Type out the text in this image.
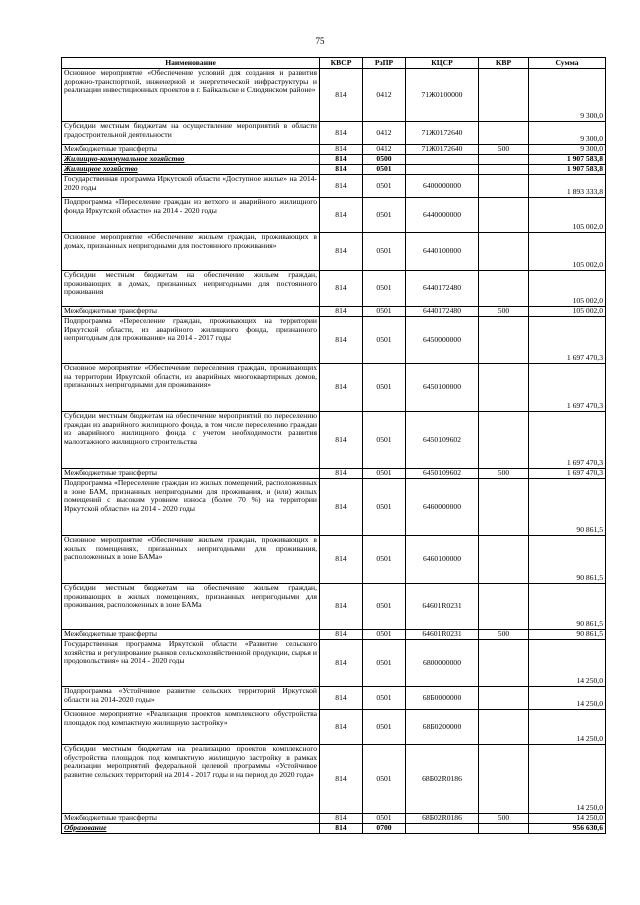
75
Наименование	КВСР	РзПР	КЦСР	КВР	Сумма
Основное мероприятие «Обеспечение условий для создания и развития дорожно-транспортной, инженерной и энергетической инфраструктуры и реализации инвестиционных проектов в г. Байкальске и Слюдянском районе»	814	0412	71Ж0100000		9 300,0
Субсидии местным бюджетам на осуществление мероприятий в области градостроительной деятельности	814	0412	71Ж0172640		9 300,0
Межбюджетные трансферты	814	0412	71Ж0172640	500	9 300,0
Жилищно-коммунальное хозяйство	814	0500			1 907 583,8
Жилищное хозяйство	814	0501			1 907 583,8
Государственная программа Иркутской области «Доступное жилье» на 2014-2020 годы	814	0501	6400000000		1 893 333,8
Подпрограмма «Переселение граждан из ветхого и аварийного жилищного фонда Иркутской области» на 2014 - 2020 годы	814	0501	6440000000		105 002,0
Основное мероприятие «Обеспечение жильем граждан, проживающих в домах, признанных непригодными для постоянного проживания»	814	0501	6440100000		105 002,0
Субсидии местным бюджетам на обеспечение жильем граждан, проживающих в домах, признанных непригодными для постоянного проживания	814	0501	6440172480		105 002,0
Межбюджетные трансферты	814	0501	6440172480	500	105 002,0
Подпрограмма «Переселение граждан, проживающих на территории Иркутской области, из аварийного жилищного фонда, признанного непригодным для проживания» на 2014 - 2017 годы	814	0501	6450000000		1 697 470,3
Основное мероприятие «Обеспечение переселения граждан, проживающих на территории Иркутской области, из аварийных многоквартирных домов, признанных непригодными для проживания»	814	0501	6450100000		1 697 470,3
Субсидии местным бюджетам на обеспечение мероприятий по переселению граждан из аварийного жилищного фонда, в том числе переселению граждан из аварийного жилищного фонда с учетом необходимости развития малоэтажного жилищного строительства	814	0501	6450109602		1 697 470,3
Межбюджетные трансферты	814	0501	6450109602	500	1 697 470,3
Подпрограмма «Переселение граждан из жилых помещений, расположенных в зоне БАМ, признанных непригодными для проживания, и (или) жилых помещений с высоким уровнем износа (более 70 %) на территории Иркутской области» на 2014 - 2020 годы	814	0501	6460000000		90 861,5
Основное мероприятие «Обеспечение жильем граждан, проживающих в жилых помещениях, признанных непригодными для проживания, расположенных в зоне БАМа»	814	0501	6460100000		90 861,5
Субсидии местным бюджетам на обеспечение жильем граждан, проживающих в жилых помещениях, признанных непригодными для проживания, расположенных в зоне БАМа	814	0501	64601R0231		90 861,5
Межбюджетные трансферты	814	0501	64601R0231	500	90 861,5
Государственная программа Иркутской области «Развитие сельского хозяйства и регулирование рынков сельскохозяйственной продукции, сырья и продовольствия» на 2014 - 2020 годы	814	0501	6800000000		14 250,0
Подпрограмма «Устойчивое развитие сельских территорий Иркутской области на 2014-2020 годы»	814	0501	68Б0000000		14 250,0
Основное мероприятие «Реализация проектов комплексного обустройства площадок под компактную жилищную застройку»	814	0501	68Б0200000		14 250,0
Субсидии местным бюджетам на реализацию проектов комплексного обустройства площадок под компактную жилищную застройку в рамках реализации мероприятий федеральной целевой программы «Устойчивое развитие сельских территорий на 2014 - 2017 годы и на период до 2020 года»	814	0501	68Б02R0186		14 250,0
Межбюджетные трансферты	814	0501	68Б02R0186	500	14 250,0
Образование	814	0700			956 630,6
